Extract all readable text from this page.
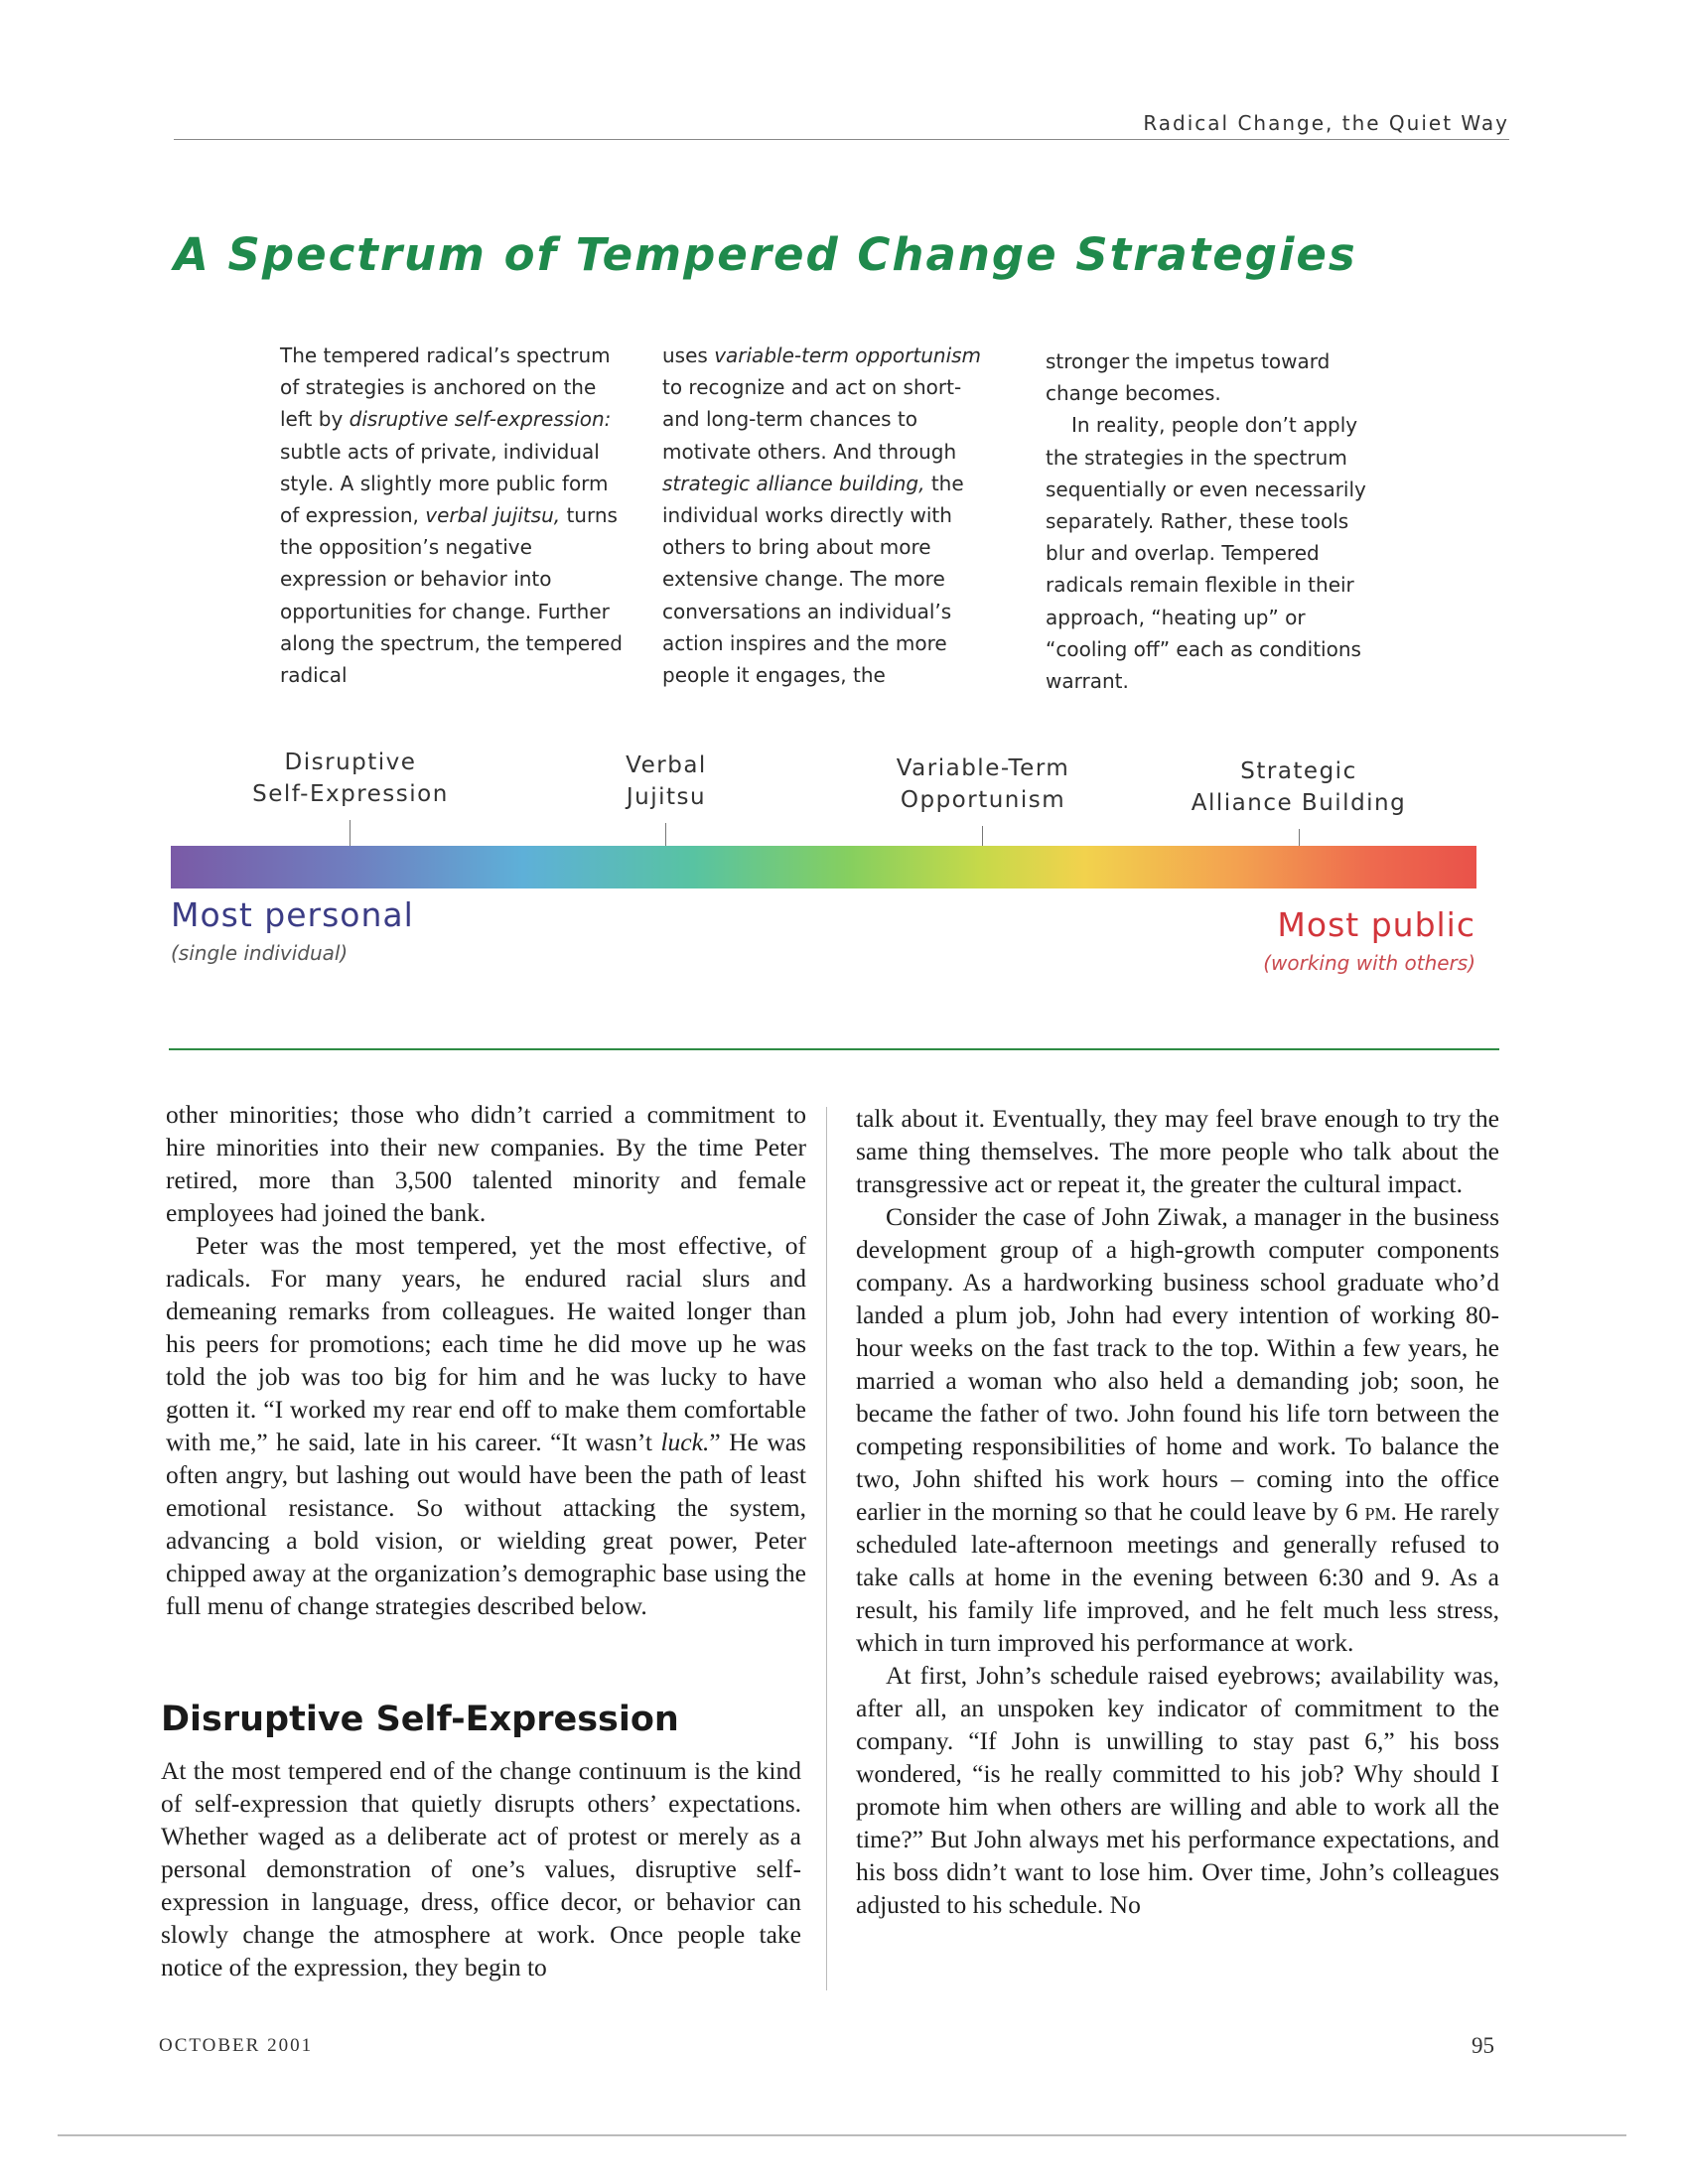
Radical Change, the Quiet Way
A Spectrum of Tempered Change Strategies

The tempered radical’s spectrum of strategies is anchored on the left by disruptive self-expression: subtle acts of private, individual style. A slightly more public form of expression, verbal jujitsu, turns the opposition’s negative expression or behavior into opportunities for change. Further along the spectrum, the tempered radical

uses variable-term opportunism to recognize and act on short- and long-term chances to motivate others. And through strategic alliance building, the individual works directly with others to bring about more extensive change. The more conversations an individual’s action inspires and the more people it engages, the

stronger the impetus toward change becomes.

In reality, people don’t apply the strategies in the spectrum sequentially or even necessarily separately. Rather, these tools blur and overlap. Tempered radicals remain flexible in their approach, “heating up” or “cooling off” each as conditions warrant.

Disruptive
Self-Expression
Verbal
Jujitsu
Variable-Term
Opportunism
Strategic
Alliance Building
Most personal
(single individual)
Most public
(working with others)

other minorities; those who didn’t carried a commitment to hire minorities into their new companies. By the time Peter retired, more than 3,500 talented minority and female employees had joined the bank.

Peter was the most tempered, yet the most effective, of radicals. For many years, he endured racial slurs and demeaning remarks from colleagues. He waited longer than his peers for promotions; each time he did move up he was told the job was too big for him and he was lucky to have gotten it. “I worked my rear end off to make them comfortable with me,” he said, late in his career. “It wasn’t luck.” He was often angry, but lashing out would have been the path of least emotional resistance. So without attacking the system, advancing a bold vision, or wielding great power, Peter chipped away at the organization’s demographic base using the full menu of change strategies described below.

Disruptive Self-Expression

At the most tempered end of the change continuum is the kind of self-expression that quietly disrupts others’ expectations. Whether waged as a deliberate act of protest or merely as a personal demonstration of one’s values, disruptive self-expression in language, dress, office decor, or behavior can slowly change the atmosphere at work. Once people take notice of the expression, they begin to

talk about it. Eventually, they may feel brave enough to try the same thing themselves. The more people who talk about the transgressive act or repeat it, the greater the cultural impact.

Consider the case of John Ziwak, a manager in the business development group of a high-growth computer components company. As a hardworking business school graduate who’d landed a plum job, John had every intention of working 80-hour weeks on the fast track to the top. Within a few years, he married a woman who also held a demanding job; soon, he became the father of two. John found his life torn between the competing responsibilities of home and work. To balance the two, John shifted his work hours – coming into the office earlier in the morning so that he could leave by 6 pm. He rarely scheduled late-afternoon meetings and generally refused to take calls at home in the evening between 6:30 and 9. As a result, his family life improved, and he felt much less stress, which in turn improved his performance at work.

At first, John’s schedule raised eyebrows; availability was, after all, an unspoken key indicator of commitment to the company. “If John is unwilling to stay past 6,” his boss wondered, “is he really committed to his job? Why should I promote him when others are willing and able to work all the time?” But John always met his performance expectations, and his boss didn’t want to lose him. Over time, John’s colleagues adjusted to his schedule. No

OCTOBER 2001	95
